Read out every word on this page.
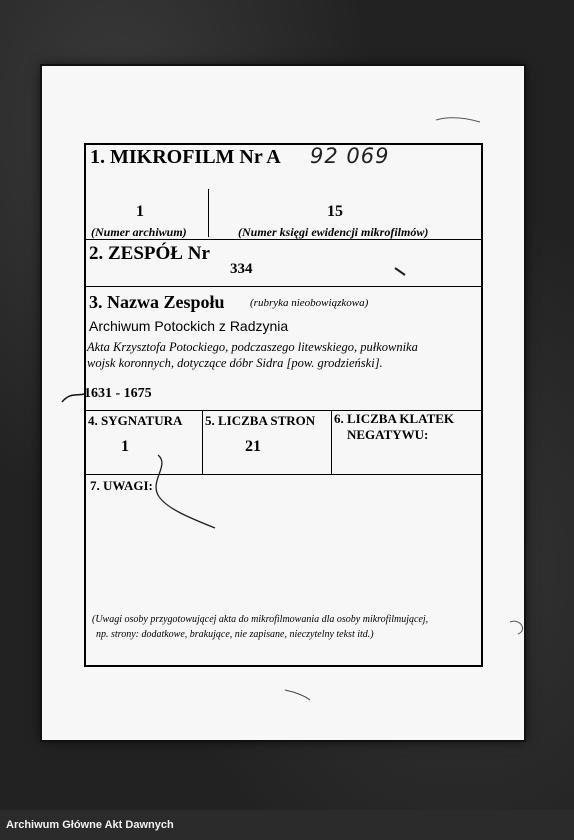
1. MIKROFILM Nr A 92 069
1	15
(Numer archiwum)	(Numer księgi ewidencji mikrofilmów)
2. ZESPÓŁ Nr
334
3. Nazwa Zespołu (rubryka nieobowiązkowa)
Archiwum Potockich z Radzynia
Akta Krzysztofa Potockiego, podczaszego litewskiego, pułkownika
wojsk koronnych, dotyczące dóbr Sidra [pow. grodzieński].
1631 - 1675
4. SYGNATURA
1
5. LICZBA STRON
21
6. LICZBA KLATEK
NEGATYWU:
7. UWAGI:
(Uwagi osoby przygotowującej akta do mikrofilmowania dla osoby mikrofilmującej,
np. strony: dodatkowe, brakujące, nie zapisane, nieczytelny tekst itd.)
Archiwum Główne Akt Dawnych
